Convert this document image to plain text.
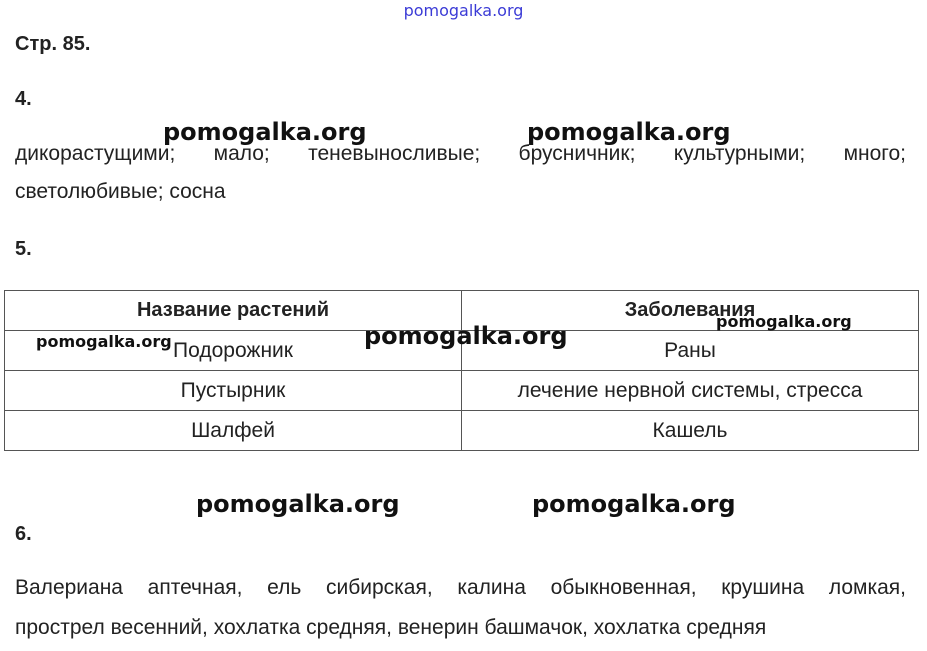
pomogalka.org
Стр. 85.
4.
дикорастущими; мало; теневыносливые; брусничник; культурными; много;
светолюбивые; сосна
5.
Название растений	Заболевания
Подорожник	Раны
Пустырник	лечение нервной системы, стресса
Шалфей	Кашель
6.
Валериана аптечная, ель сибирская, калина обыкновенная, крушина ломкая,
прострел весенний, хохлатка средняя, венерин башмачок, хохлатка средняя
pomogalka.org	pomogalka.org
pomogalka.org
pomogalka.org
pomogalka.org
pomogalka.org	pomogalka.org
